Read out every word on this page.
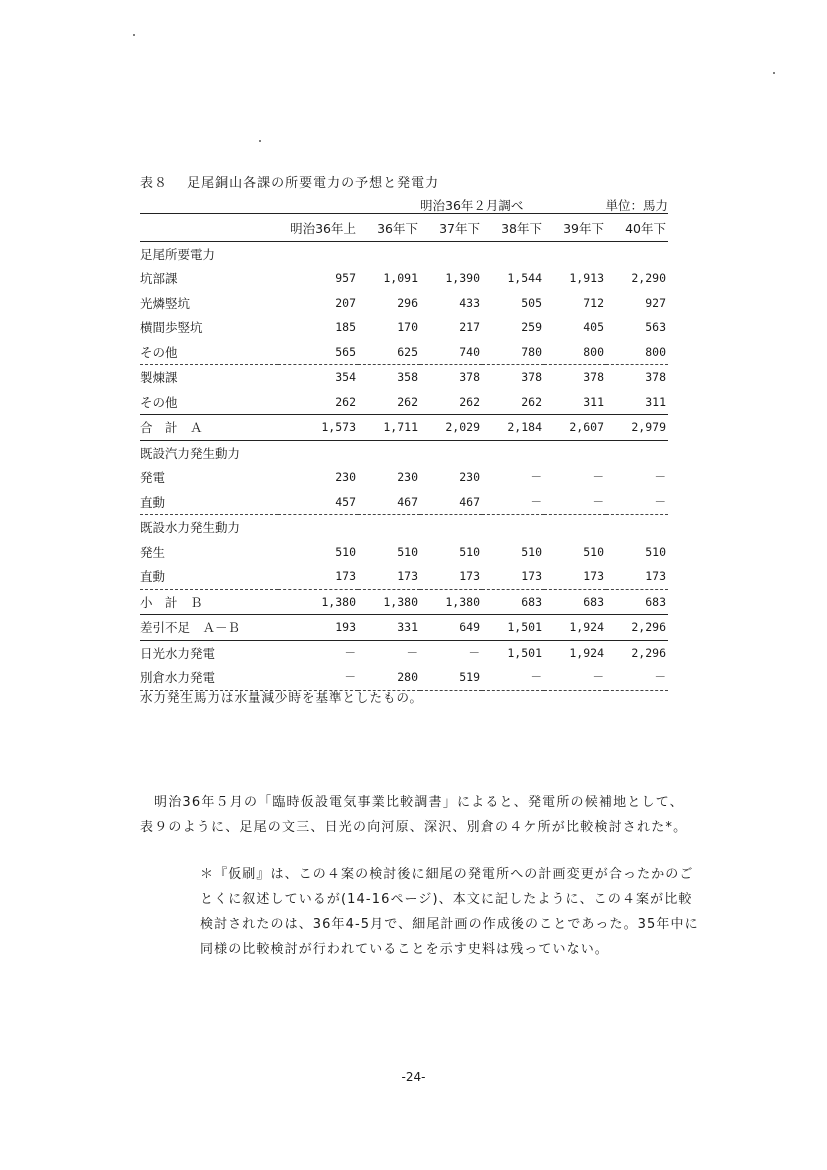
表８ 足尾銅山各課の所要電力の予想と発電力
明治36年２月調べ	単位：馬力
	明治36年上	36年下	37年下	38年下	39年下	40年下
足尾所要電力						
坑部課	957	1,091	1,390	1,544	1,913	2,290
光燐竪坑	207	296	433	505	712	927
横間歩竪坑	185	170	217	259	405	563
その他	565	625	740	780	800	800
製煉課	354	358	378	378	378	378
その他	262	262	262	262	311	311
合　計　Ａ	1,573	1,711	2,029	2,184	2,607	2,979
既設汽力発生動力						
発電	230	230	230	－	－	－
直動	457	467	467	－	－	－
既設水力発生動力						
発生	510	510	510	510	510	510
直動	173	173	173	173	173	173
小　計　Ｂ	1,380	1,380	1,380	683	683	683
差引不足　Ａ－Ｂ	193	331	649	1,501	1,924	2,296
日光水力発電	－	－	－	1,501	1,924	2,296
別倉水力発電	－	280	519	－	－	－
水力発生馬力は水量減少時を基準としたもの。

明治36年５月の「臨時仮設電気事業比較調書」によると、発電所の候補地として、表９のように、足尾の文三、日光の向河原、深沢、別倉の４ケ所が比較検討された*。

＊『仮刷』は、この４案の検討後に細尾の発電所への計画変更が合ったかのごとくに叙述しているが(14-16ページ)、本文に記したように、この４案が比較検討されたのは、36年4-5月で、細尾計画の作成後のことであった。35年中に同様の比較検討が行われていることを示す史料は残っていない。

-24-
